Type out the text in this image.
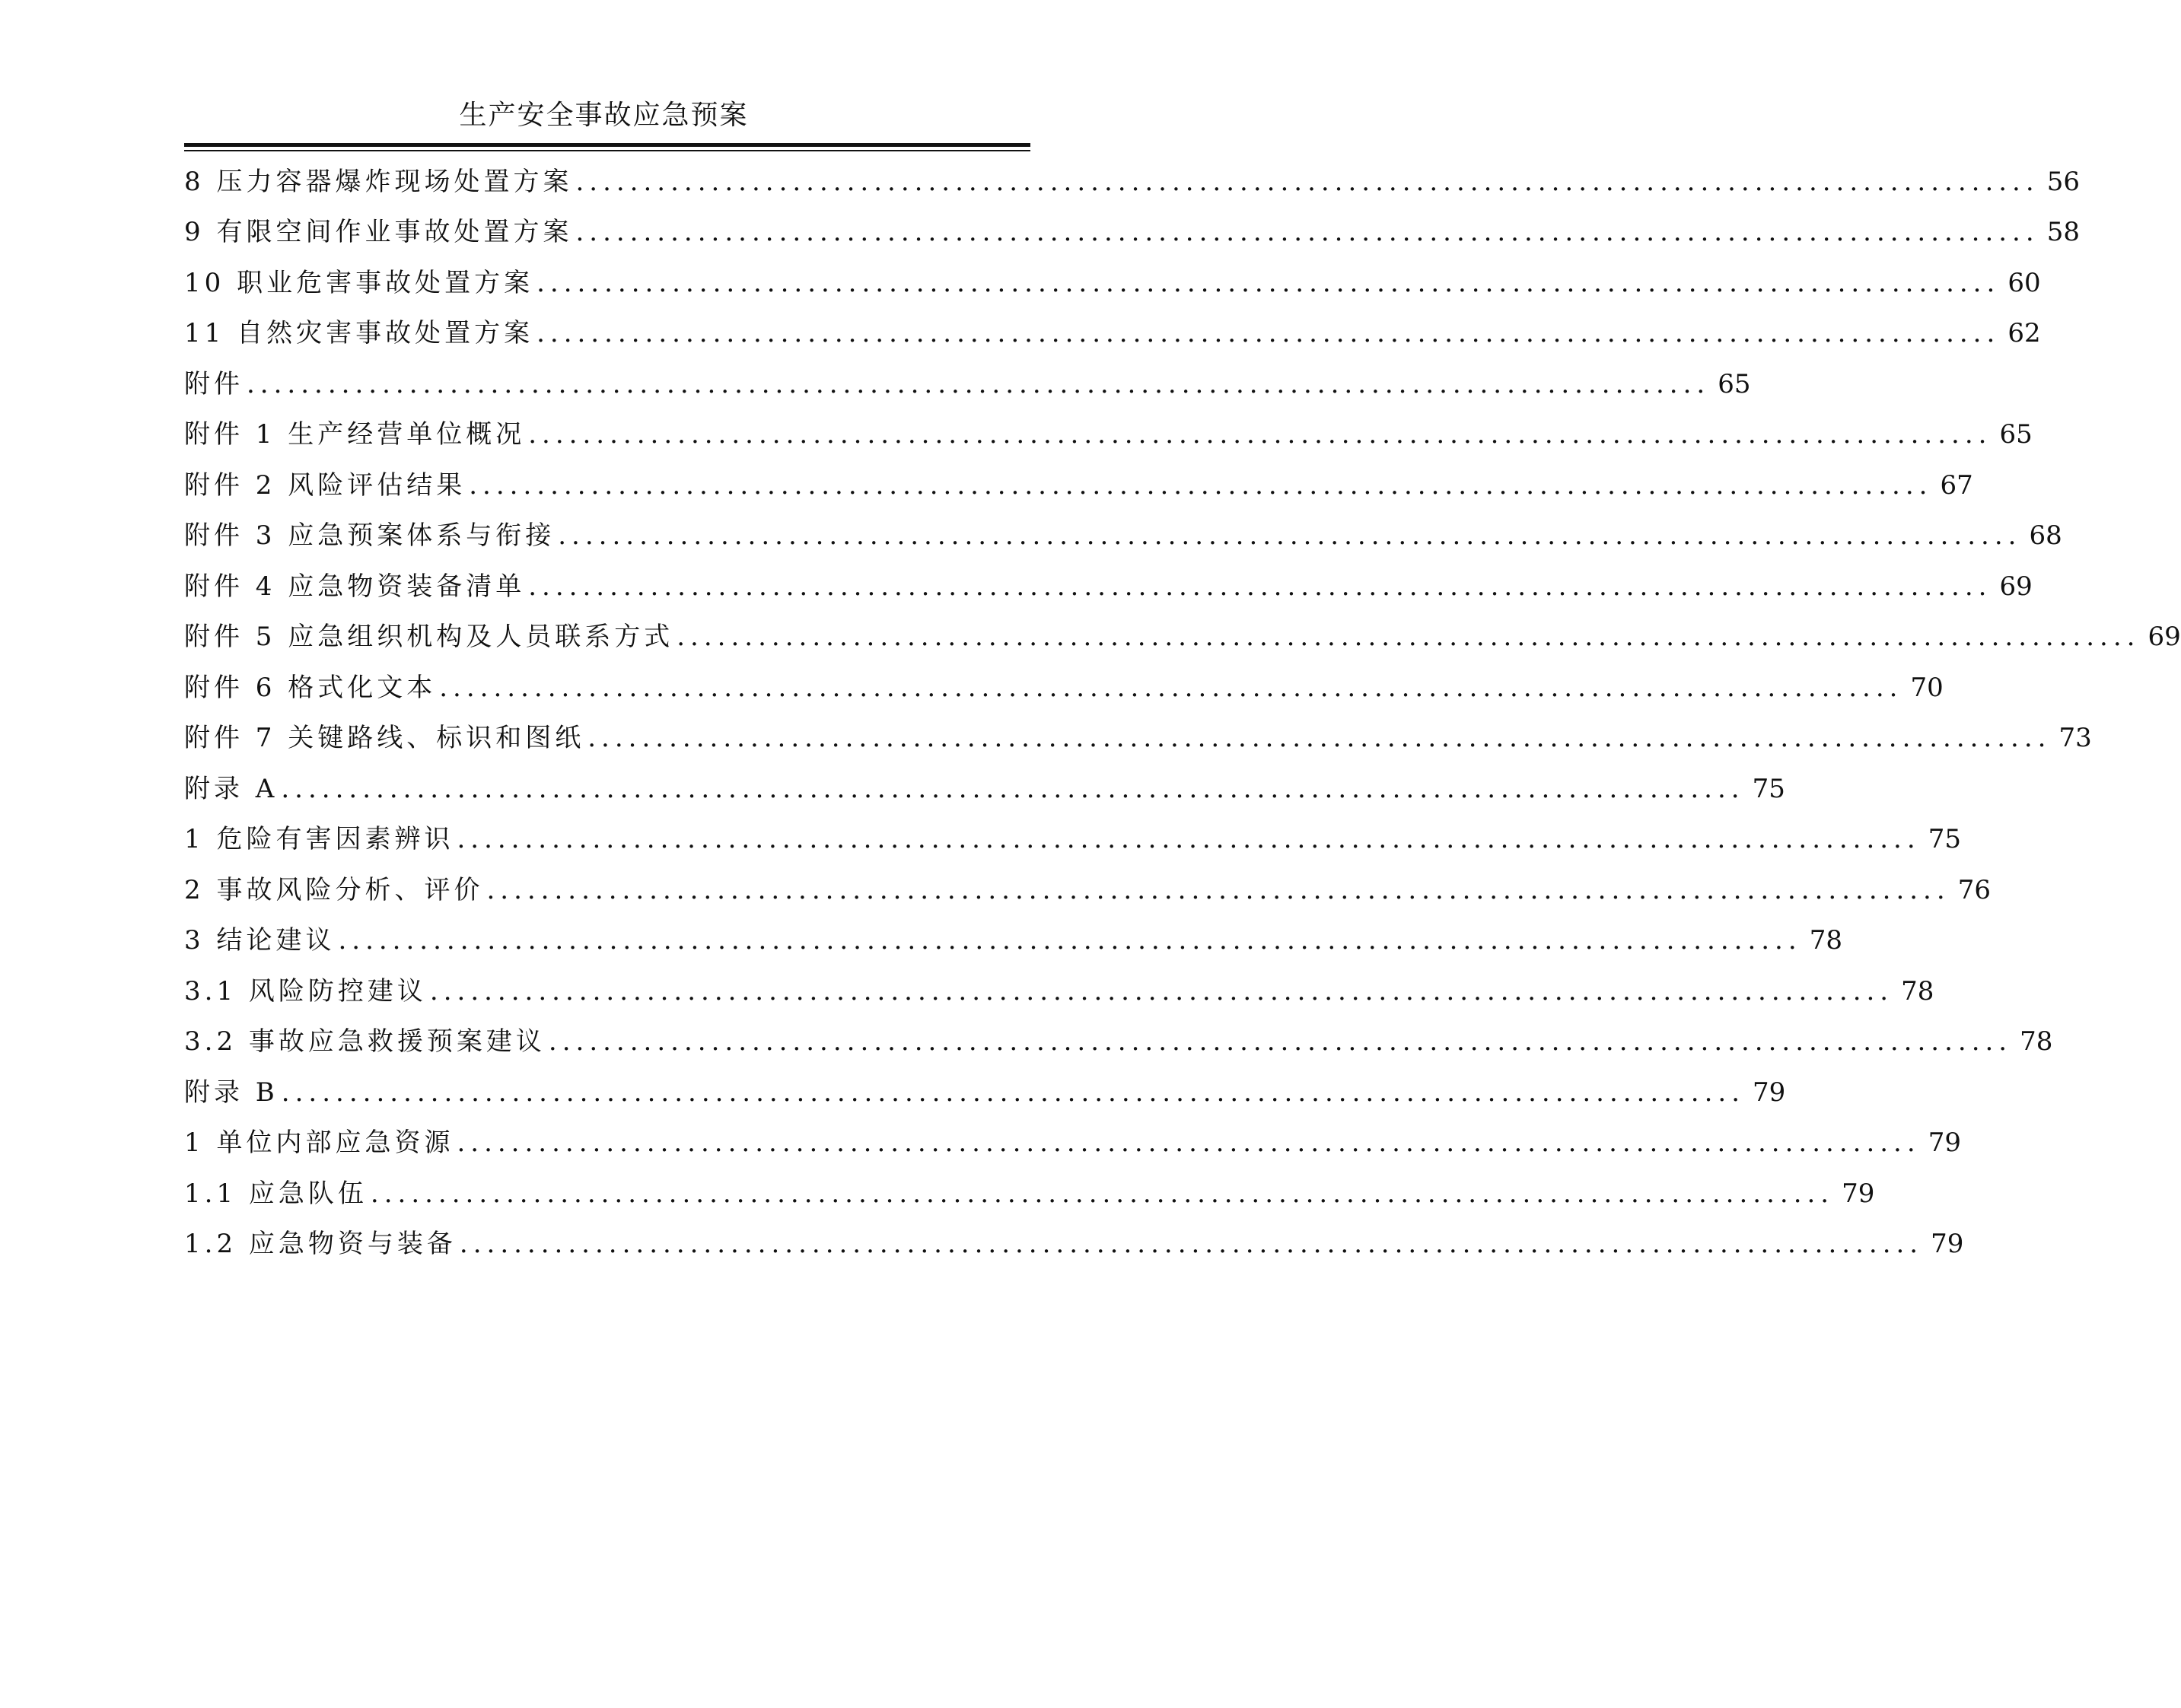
生产安全事故应急预案
8 压力容器爆炸现场处置方案 ............................................................................................................ 56
9 有限空间作业事故处置方案 ............................................................................................................ 58
10 职业危害事故处置方案 ............................................................................................................ 60
11 自然灾害事故处置方案 ............................................................................................................ 62
附件 ............................................................................................................ 65
附件 1 生产经营单位概况 ............................................................................................................ 65
附件 2 风险评估结果 ............................................................................................................ 67
附件 3 应急预案体系与衔接 ............................................................................................................ 68
附件 4 应急物资装备清单 ............................................................................................................ 69
附件 5 应急组织机构及人员联系方式 ............................................................................................................ 69
附件 6 格式化文本 ............................................................................................................ 70
附件 7 关键路线、标识和图纸 ............................................................................................................ 73
附录 A ............................................................................................................ 75
1 危险有害因素辨识 ............................................................................................................ 75
2 事故风险分析、评价 ............................................................................................................ 76
3 结论建议 ............................................................................................................ 78
3.1 风险防控建议 ............................................................................................................ 78
3.2 事故应急救援预案建议 ............................................................................................................ 78
附录 B ............................................................................................................ 79
1 单位内部应急资源 ............................................................................................................ 79
1.1 应急队伍 ............................................................................................................ 79
1.2 应急物资与装备 ............................................................................................................ 79
